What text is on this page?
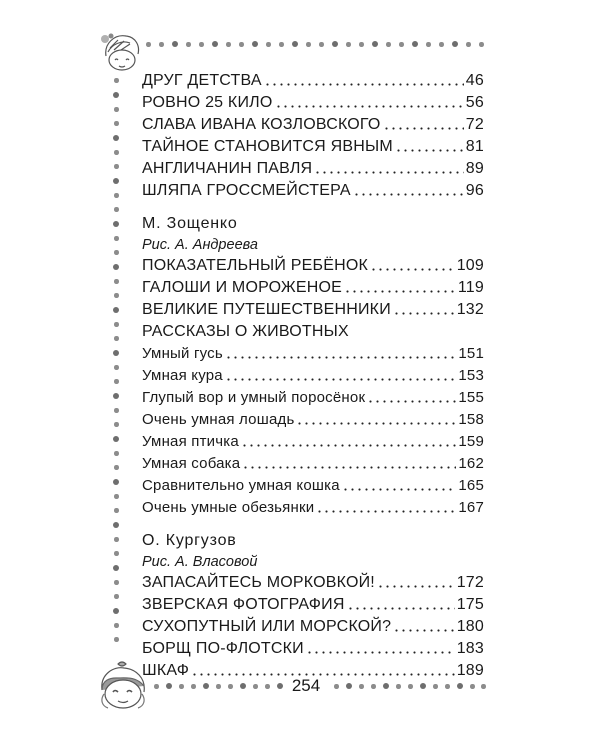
ДРУГ ДЕТСТВА	46
РОВНО 25 КИЛО	56
СЛАВА ИВАНА КОЗЛОВСКОГО	72
ТАЙНОЕ СТАНОВИТСЯ ЯВНЫМ	81
АНГЛИЧАНИН ПАВЛЯ	89
ШЛЯПА ГРОССМЕЙСТЕРА	96
М. Зощенко
Рис. А. Андреева
ПОКАЗАТЕЛЬНЫЙ РЕБЁНОК	109
ГАЛОШИ И МОРОЖЕНОЕ	119
ВЕЛИКИЕ ПУТЕШЕСТВЕННИКИ	132
РАССКАЗЫ О ЖИВОТНЫХ
Умный гусь	151
Умная кура	153
Глупый вор и умный поросёнок	155
Очень умная лошадь	158
Умная птичка	159
Умная собака	162
Сравнительно умная кошка	165
Очень умные обезьянки	167
О. Кургузов
Рис. А. Власовой
ЗАПАСАЙТЕСЬ МОРКОВКОЙ!	172
ЗВЕРСКАЯ ФОТОГРАФИЯ	175
СУХОПУТНЫЙ ИЛИ МОРСКОЙ?	180
БОРЩ ПО-ФЛОТСКИ	183
ШКАФ	189
254
